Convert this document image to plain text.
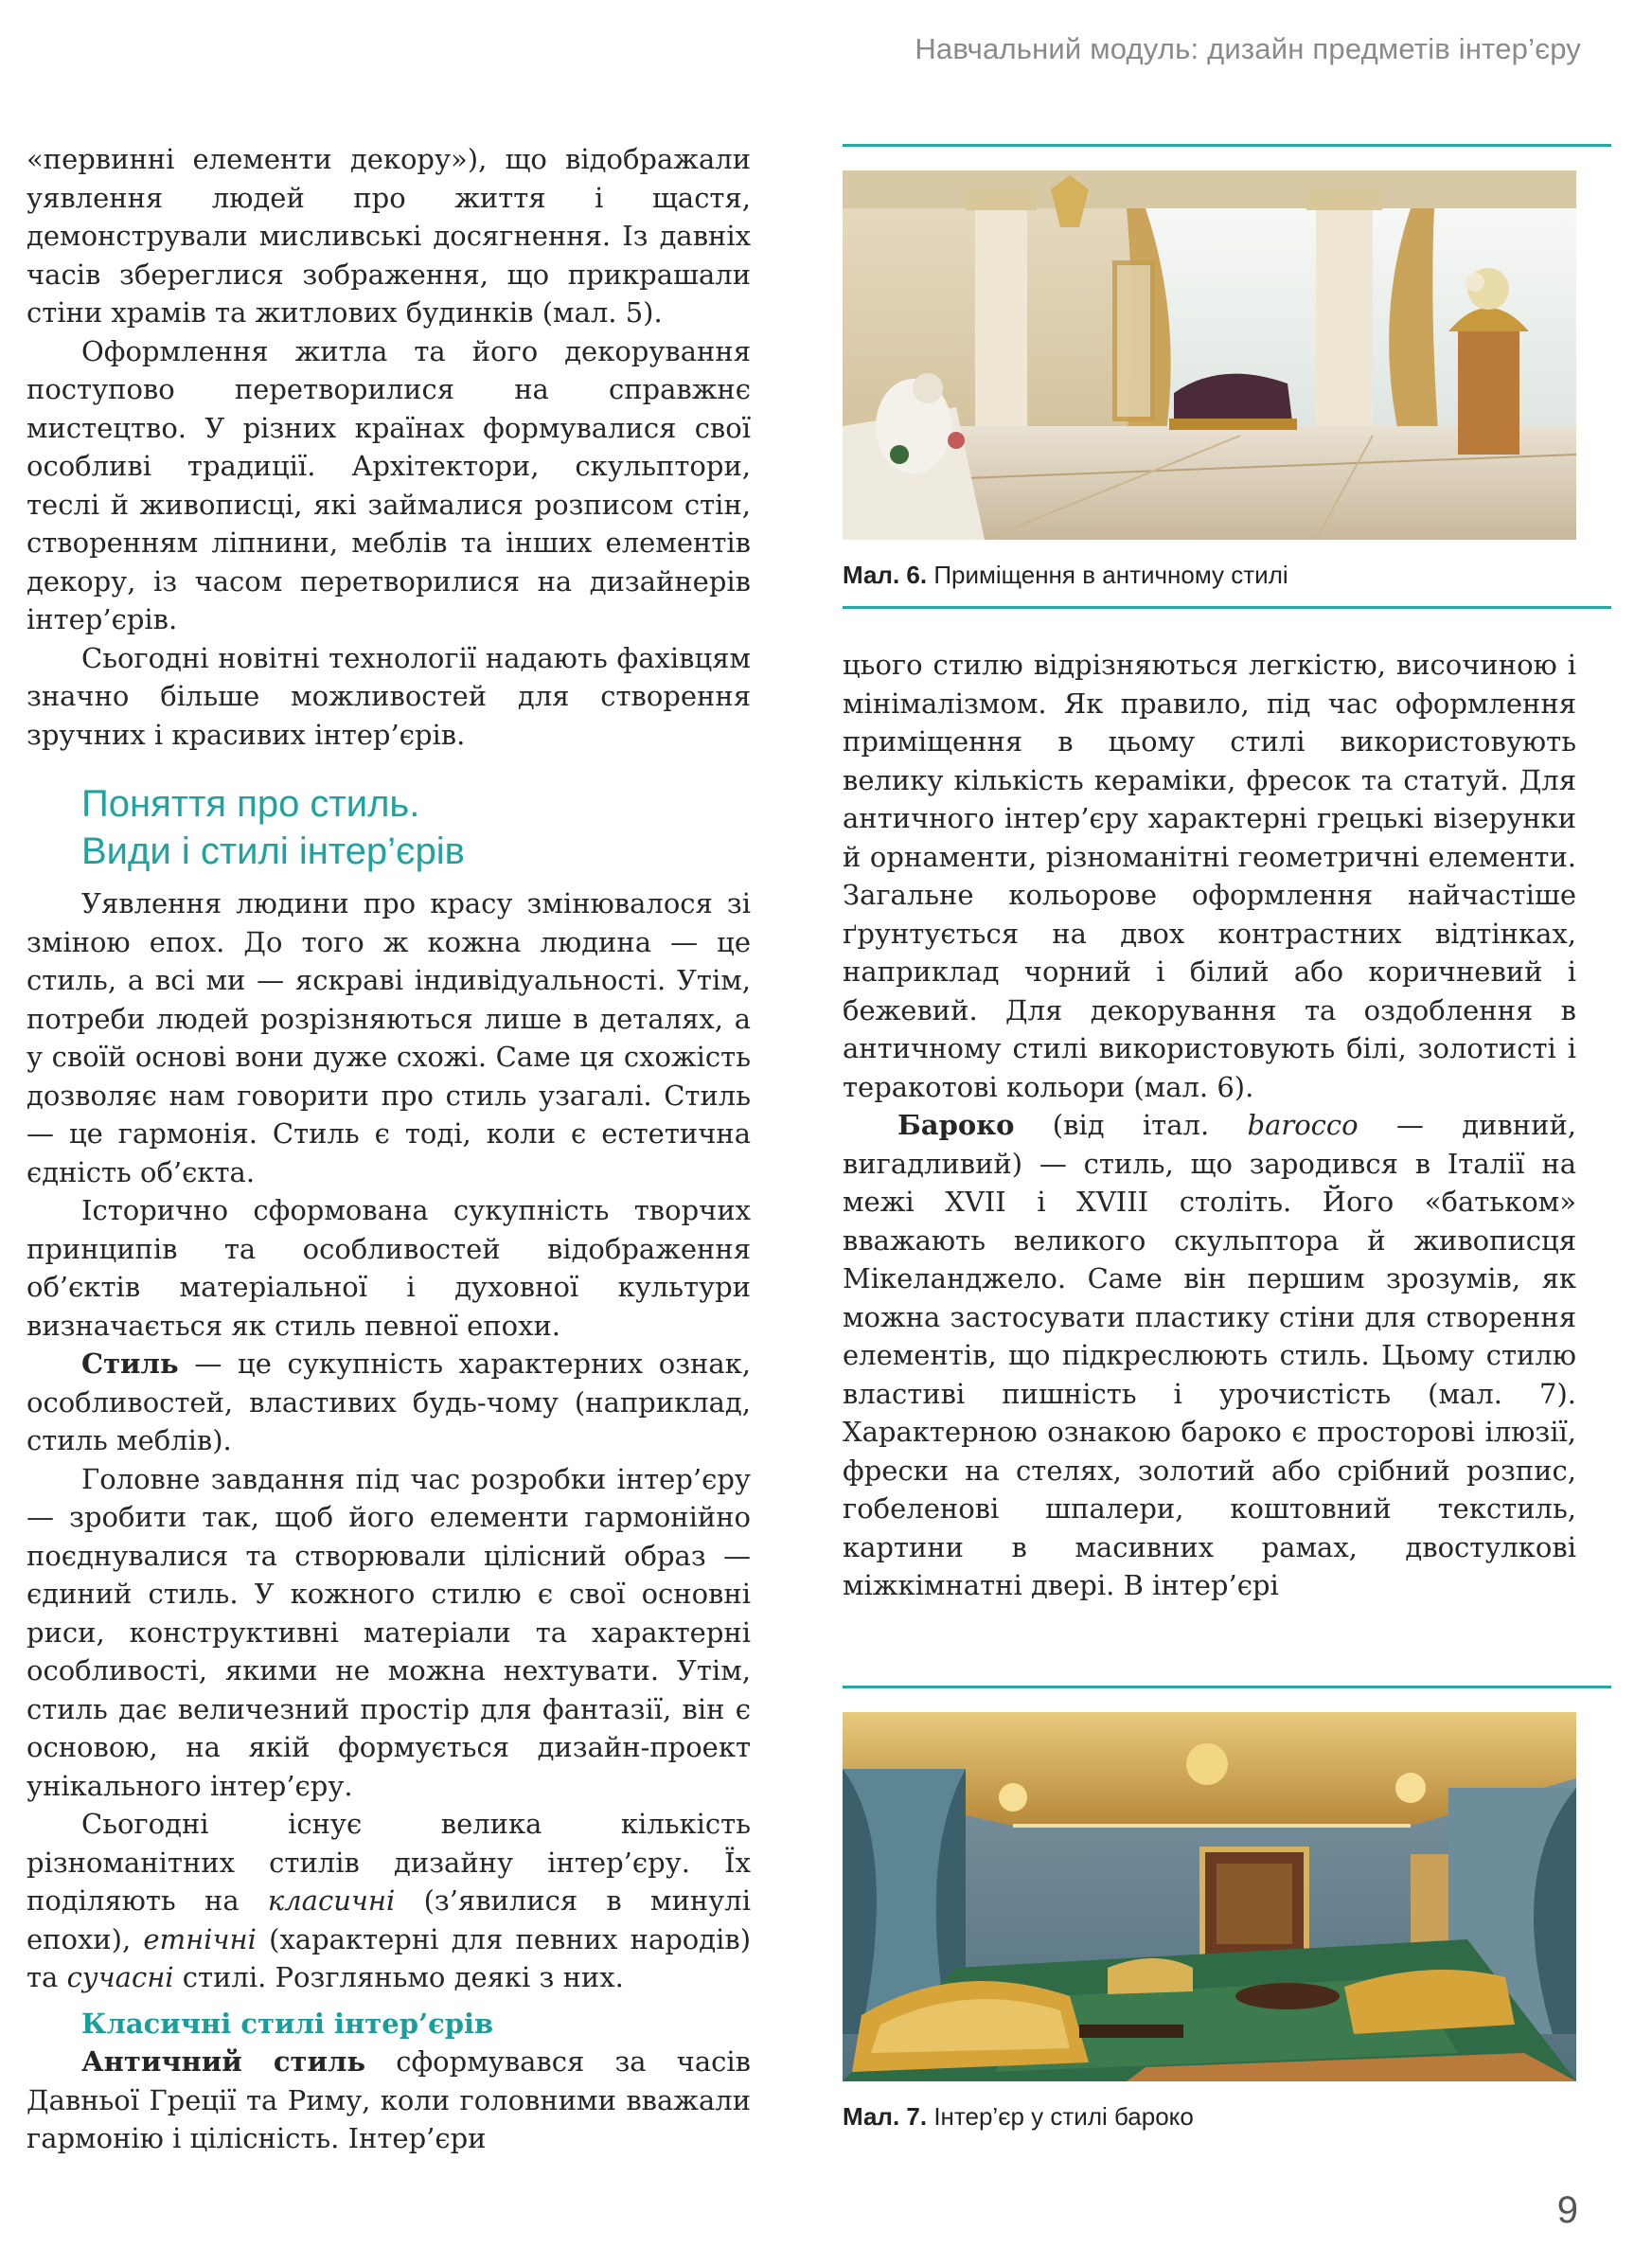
Навчальний модуль: дизайн предметів інтер’єру

«первинні елементи декору»), що відображали уявлення людей про життя і щастя, демонстрували мисливські досягнення. Із давніх часів збереглися зображення, що прикрашали стіни храмів та житлових будинків (мал. 5).

Оформлення житла та його декорування поступово перетворилися на справжнє мистецтво. У різних країнах формувалися свої особливі традиції. Архітектори, скульптори, теслі й живописці, які займалися розписом стін, створенням ліпнини, меблів та інших елементів декору, із часом перетворилися на дизайнерів інтер’єрів.

Сьогодні новітні технології надають фахівцям значно більше можливостей для створення зручних і красивих інтер’єрів.

Поняття про стиль.
Види і стилі інтер’єрів

Уявлення людини про красу змінювалося зі зміною епох. До того ж кожна людина — це стиль, а всі ми — яскраві індивідуальності. Утім, потреби людей розрізняються лише в деталях, а у своїй основі вони дуже схожі. Саме ця схожість дозволяє нам говорити про стиль узагалі. Стиль — це гармонія. Стиль є тоді, коли є естетична єдність об’єкта.

Історично сформована сукупність творчих принципів та особливостей відображення об’єктів матеріальної і духовної культури визначається як стиль певної епохи.

Стиль — це сукупність характерних ознак, особливостей, властивих будь-чому (наприклад, стиль меблів).

Головне завдання під час розробки інтер’єру — зробити так, щоб його елементи гармонійно поєднувалися та створювали цілісний образ — єдиний стиль. У кожного стилю є свої основні риси, конструктивні матеріали та характерні особливості, якими не можна нехтувати. Утім, стиль дає величезний простір для фантазії, він є основою, на якій формується дизайн-проект унікального інтер’єру.

Сьогодні існує велика кількість різноманітних стилів дизайну інтер’єру. Їх поділяють на класичні (з’явилися в минулі епохи), етнічні (характерні для певних народів) та сучасні стилі. Розгляньмо деякі з них.

Класичні стилі інтер’єрів

Античний стиль сформувався за часів Давньої Греції та Риму, коли головними вважали гармонію і цілісність. Інтер’єри

Мал. 6. Приміщення в античному стилі

цього стилю відрізняються легкістю, височиною і мінімалізмом. Як правило, під час оформлення приміщення в цьому стилі використовують велику кількість кераміки, фресок та статуй. Для античного інтер’єру характерні грецькі візерунки й орнаменти, різноманітні геометричні елементи. Загальне кольорове оформлення найчастіше ґрунтується на двох контрастних відтінках, наприклад чорний і білий або коричневий і бежевий. Для декорування та оздоблення в античному стилі використовують білі, золотисті і теракотові кольори (мал. 6).

Бароко (від італ. barocco — дивний, вигадливий) — стиль, що зародився в Італії на межі XVII і XVIII століть. Його «батьком» вважають великого скульптора й живописця Мікеланджело. Саме він першим зрозумів, як можна застосувати пластику стіни для створення елементів, що підкреслюють стиль. Цьому стилю властиві пишність і урочистість (мал. 7). Характерною ознакою бароко є просторові ілюзії, фрески на стелях, золотий або срібний розпис, гобеленові шпалери, коштовний текстиль, картини в масивних рамах, двостулкові міжкімнатні двері. В інтер’єрі

Мал. 7. Інтер’єр у стилі бароко
9
